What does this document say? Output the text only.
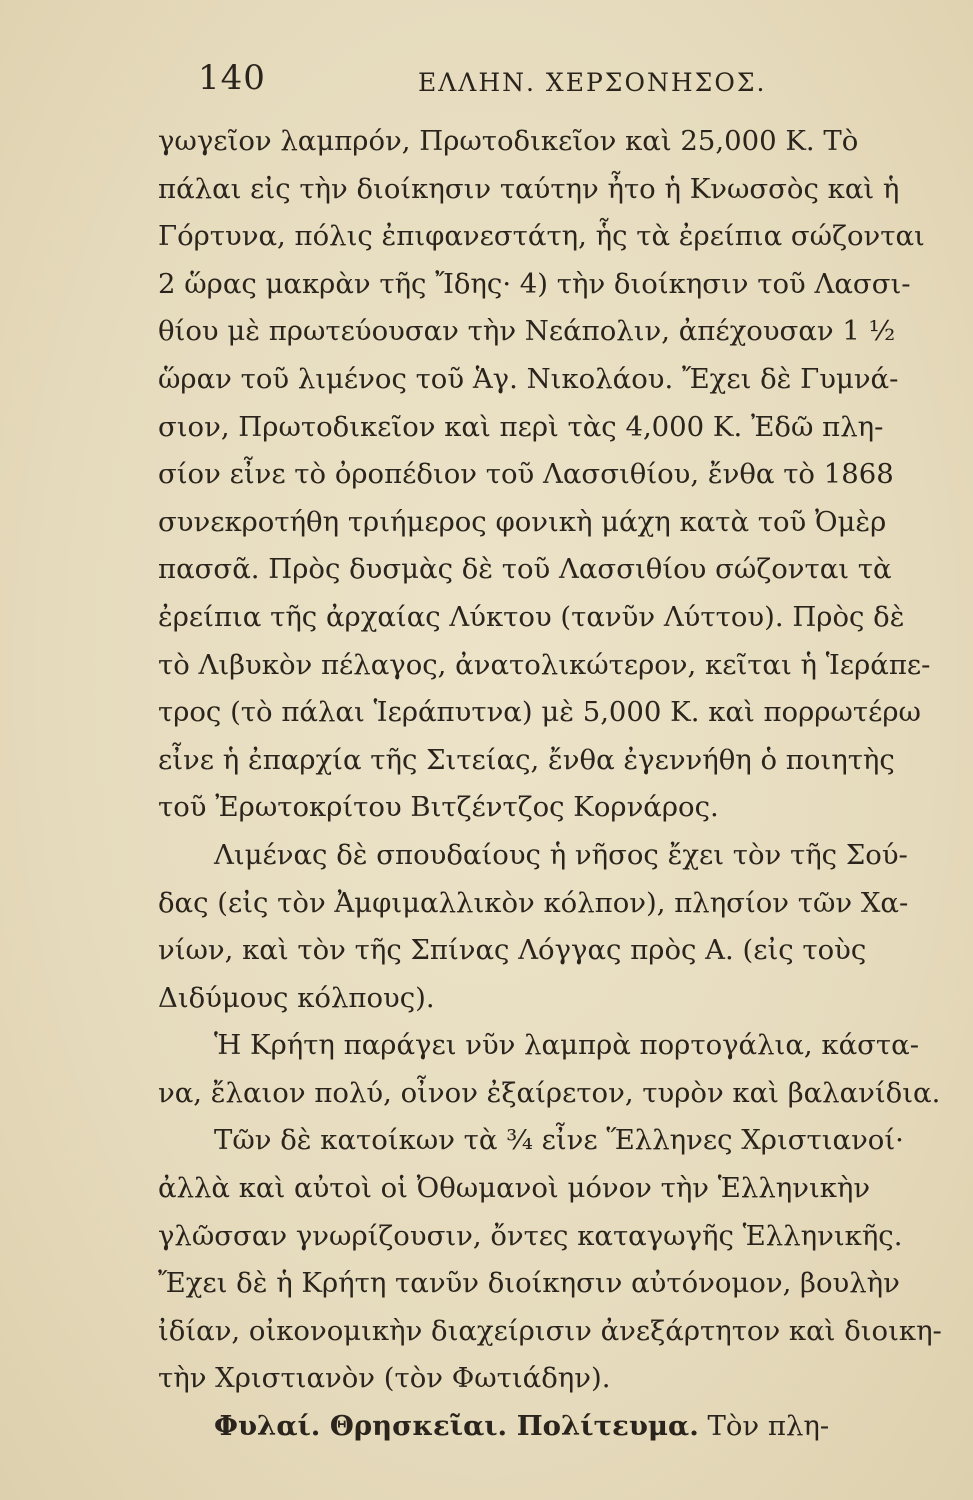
140	ΕΛΛΗΝ. ΧΕΡΣΟΝΗΣΟΣ.
γωγεῖον λαμπρόν, Πρωτοδικεῖον καὶ 25,000 Κ. Τὸ
πάλαι εἰς τὴν διοίκησιν ταύτην ἦτο ἡ Κνωσσὸς καὶ ἡ
Γόρτυνα, πόλις ἐπιφανεστάτη, ἧς τὰ ἐρείπια σώζονται
2 ὥρας μακρὰν τῆς Ἴδης· 4) τὴν διοίκησιν τοῦ Λασσι-
θίου μὲ πρωτεύουσαν τὴν Νεάπολιν, ἀπέχουσαν 1 ½
ὥραν τοῦ λιμένος τοῦ Ἁγ. Νικολάου. Ἔχει δὲ Γυμνά-
σιον, Πρωτοδικεῖον καὶ περὶ τὰς 4,000 Κ. Ἐδῶ πλη-
σίον εἶνε τὸ ὀροπέδιον τοῦ Λασσιθίου, ἔνθα τὸ 1868
συνεκροτήθη τριήμερος φονικὴ μάχη κατὰ τοῦ Ὀμὲρ
πασσᾶ. Πρὸς δυσμὰς δὲ τοῦ Λασσιθίου σώζονται τὰ
ἐρείπια τῆς ἀρχαίας Λύκτου (τανῦν Λύττου). Πρὸς δὲ
τὸ Λιβυκὸν πέλαγος, ἀνατολικώτερον, κεῖται ἡ Ἱεράπε-
τρος (τὸ πάλαι Ἱεράπυτνα) μὲ 5,000 Κ. καὶ πορρωτέρω
εἶνε ἡ ἐπαρχία τῆς Σιτείας, ἔνθα ἐγεννήθη ὁ ποιητὴς
τοῦ Ἐρωτοκρίτου Βιτζέντζος Κορνάρος.
Λιμένας δὲ σπουδαίους ἡ νῆσος ἔχει τὸν τῆς Σού-
δας (εἰς τὸν Ἀμφιμαλλικὸν κόλπον), πλησίον τῶν Χα-
νίων, καὶ τὸν τῆς Σπίνας Λόγγας πρὸς Α. (εἰς τοὺς
Διδύμους κόλπους).
Ἡ Κρήτη παράγει νῦν λαμπρὰ πορτογάλια, κάστα-
να, ἔλαιον πολύ, οἶνον ἐξαίρετον, τυρὸν καὶ βαλανίδια.
Τῶν δὲ κατοίκων τὰ ¾ εἶνε Ἕλληνες Χριστιανοί·
ἀλλὰ καὶ αὐτοὶ οἱ Ὀθωμανοὶ μόνον τὴν Ἑλληνικὴν
γλῶσσαν γνωρίζουσιν, ὄντες καταγωγῆς Ἑλληνικῆς.
Ἔχει δὲ ἡ Κρήτη τανῦν διοίκησιν αὐτόνομον, βουλὴν
ἰδίαν, οἰκονομικὴν διαχείρισιν ἀνεξάρτητον καὶ διοικη-
τὴν Χριστιανὸν (τὸν Φωτιάδην).
Φυλαί. Θρησκεῖαι. Πολίτευμα. Τὸν πλη-
